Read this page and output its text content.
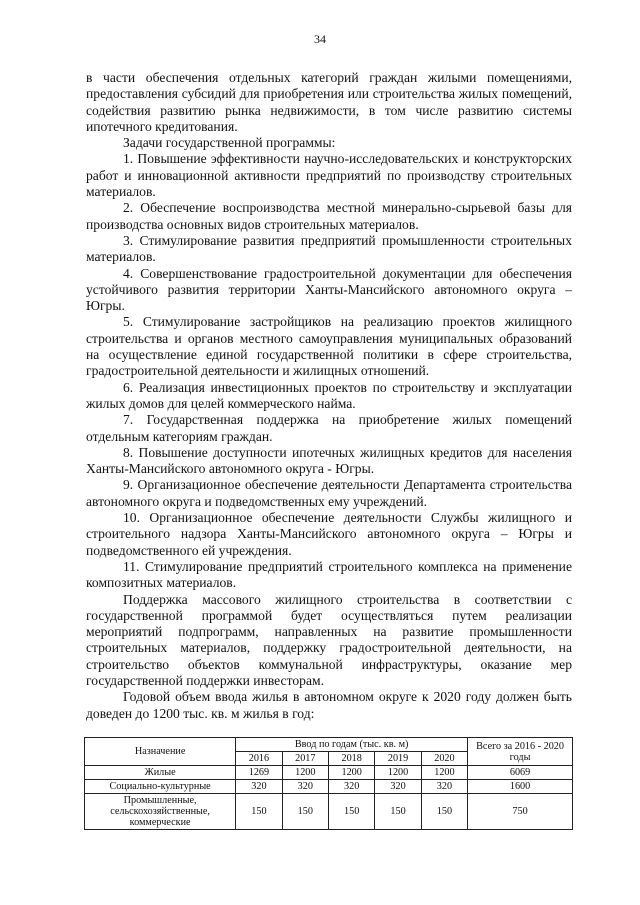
34

в части обеспечения отдельных категорий граждан жилыми помещениями, предоставления субсидий для приобретения или строительства жилых помещений, содействия развитию рынка недвижимости, в том числе развитию системы ипотечного кредитования.

Задачи государственной программы:

1. Повышение эффективности научно-исследовательских и конструкторских работ и инновационной активности предприятий по производству строительных материалов.

2. Обеспечение воспроизводства местной минерально-сырьевой базы для производства основных видов строительных материалов.

3. Стимулирование развития предприятий промышленности строительных материалов.

4. Совершенствование градостроительной документации для обеспечения устойчивого развития территории Ханты-Мансийского автономного округа – Югры.

5. Стимулирование застройщиков на реализацию проектов жилищного строительства и органов местного самоуправления муниципальных образований на осуществление единой государственной политики в сфере строительства, градостроительной деятельности и жилищных отношений.

6. Реализация инвестиционных проектов по строительству и эксплуатации жилых домов для целей коммерческого найма.

7. Государственная поддержка на приобретение жилых помещений отдельным категориям граждан.

8. Повышение доступности ипотечных жилищных кредитов для населения Ханты-Мансийского автономного округа - Югры.

9. Организационное обеспечение деятельности Департамента строительства автономного округа и подведомственных ему учреждений.

10. Организационное обеспечение деятельности Службы жилищного и строительного надзора Ханты-Мансийского автономного округа – Югры и подведомственного ей учреждения.

11. Стимулирование предприятий строительного комплекса на применение композитных материалов.

Поддержка массового жилищного строительства в соответствии с государственной программой будет осуществляться путем реализации мероприятий подпрограмм, направленных на развитие промышленности строительных материалов, поддержку градостроительной деятельности, на строительство объектов коммунальной инфраструктуры, оказание мер государственной поддержки инвесторам.

Годовой объем ввода жилья в автономном округе к 2020 году должен быть доведен до 1200 тыс. кв. м жилья в год:

Назначение	Ввод по годам (тыс. кв. м)					Всего за 2016 - 2020 годы
	2016	2017	2018	2019	2020	
Жилые	1269	1200	1200	1200	1200	6069
Социально-культурные	320	320	320	320	320	1600
Промышленные, сельскохозяйственные, коммерческие	150	150	150	150	150	750
